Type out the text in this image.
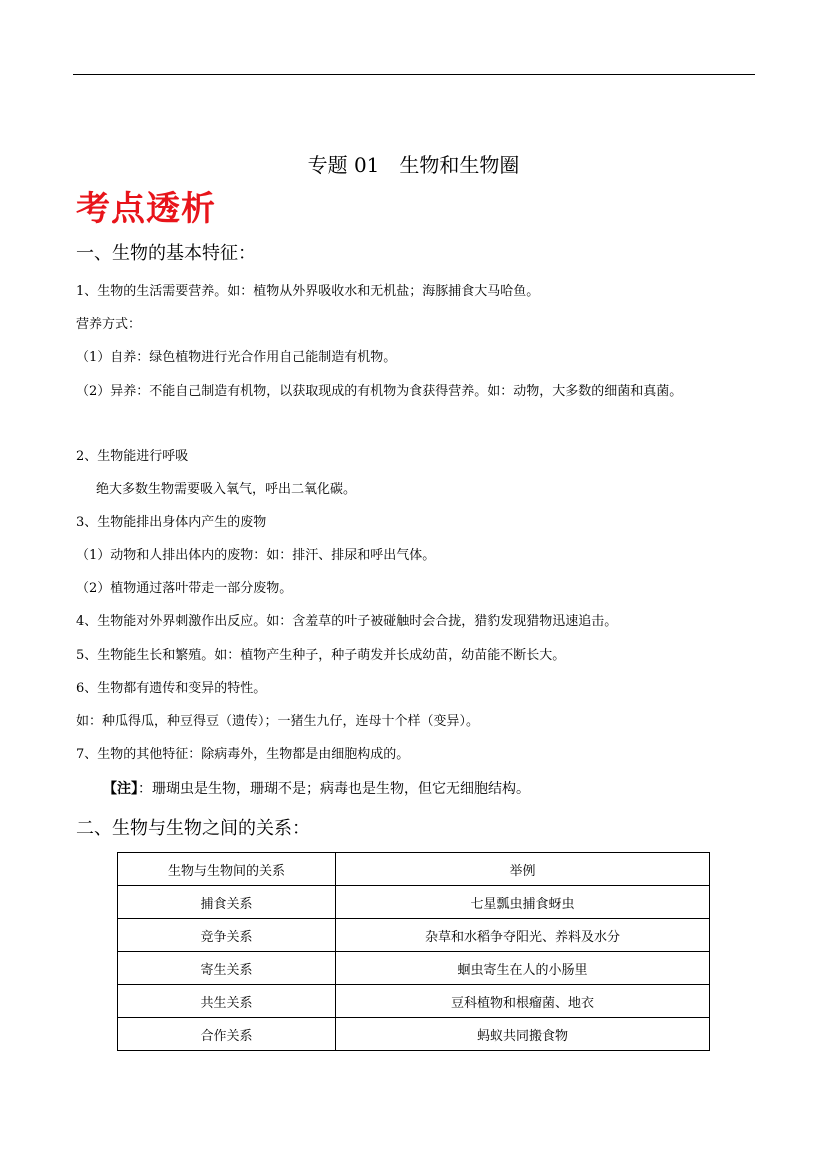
专题 01　生物和生物圈
考点透析
一、生物的基本特征：
1、生物的生活需要营养。如：植物从外界吸收水和无机盐；海豚捕食大马哈鱼。
营养方式：
（1）自养：绿色植物进行光合作用自己能制造有机物。
（2）异养：不能自己制造有机物，以获取现成的有机物为食获得营养。如：动物，大多数的细菌和真菌。
2、生物能进行呼吸
绝大多数生物需要吸入氧气，呼出二氧化碳。
3、生物能排出身体内产生的废物
（1）动物和人排出体内的废物：如：排汗、排尿和呼出气体。
（2）植物通过落叶带走一部分废物。
4、生物能对外界刺激作出反应。如：含羞草的叶子被碰触时会合拢，猎豹发现猎物迅速追击。
5、生物能生长和繁殖。如：植物产生种子，种子萌发并长成幼苗，幼苗能不断长大。
6、生物都有遗传和变异的特性。
如：种瓜得瓜，种豆得豆（遗传）；一猪生九仔，连母十个样（变异）。
7、生物的其他特征：除病毒外，生物都是由细胞构成的。
【注】：珊瑚虫是生物，珊瑚不是；病毒也是生物，但它无细胞结构。
二、生物与生物之间的关系：
生物与生物间的关系	举例
捕食关系	七星瓢虫捕食蚜虫
竞争关系	杂草和水稻争夺阳光、养料及水分
寄生关系	蛔虫寄生在人的小肠里
共生关系	豆科植物和根瘤菌、地衣
合作关系	蚂蚁共同搬食物
